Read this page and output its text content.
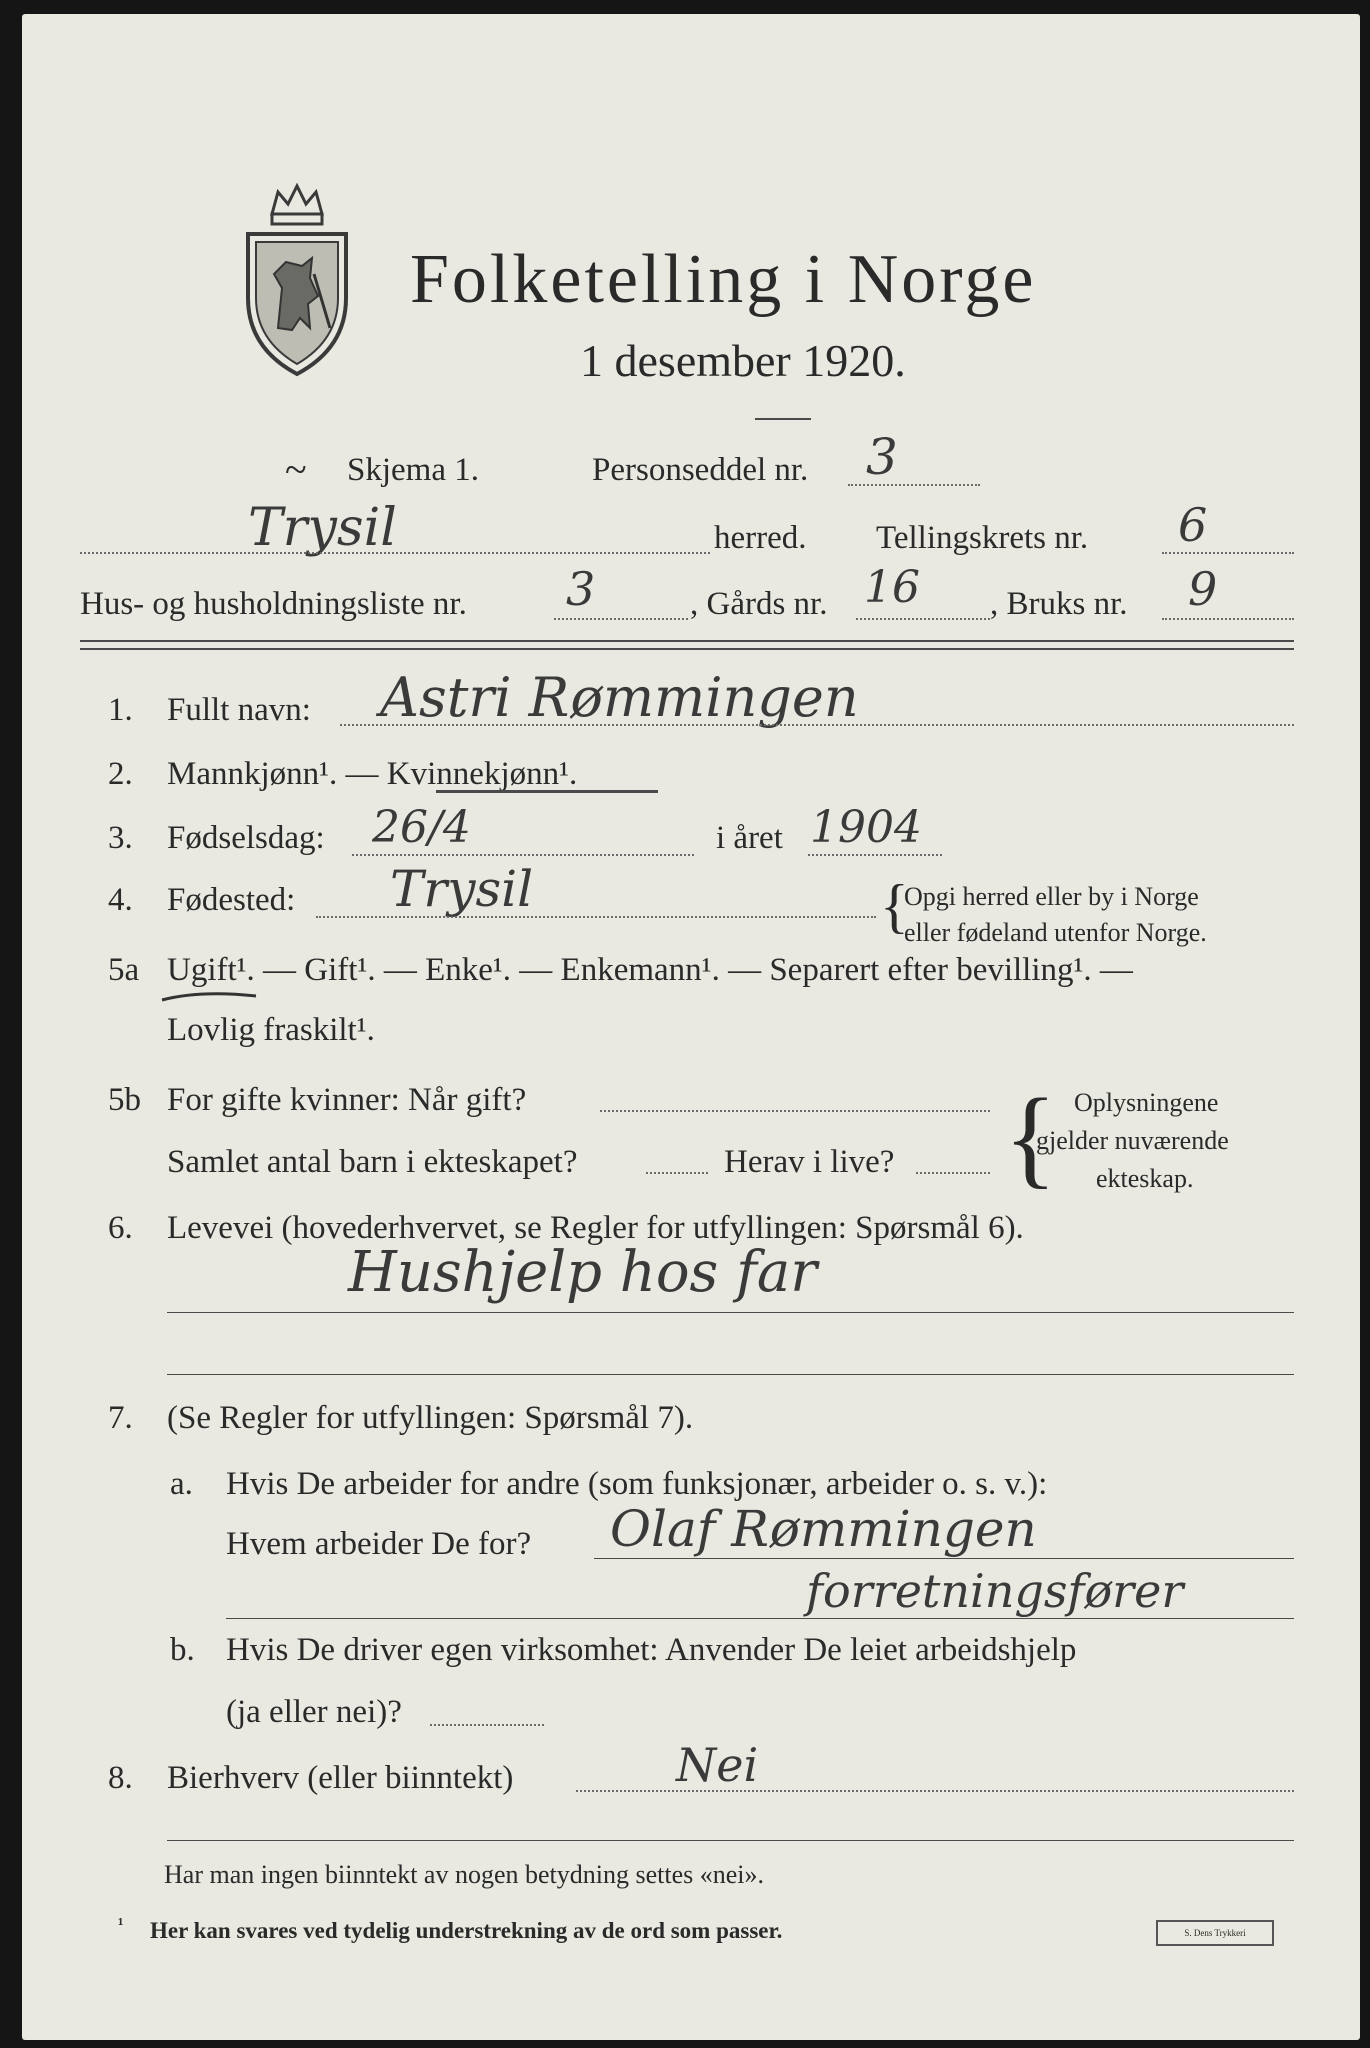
Folketelling i Norge
1 desember 1920.
~ Skjema 1.	Personseddel nr. 3
Trysil	herred. Tellingskrets nr. 6
Hus- og husholdningsliste nr. 3	, Gårds nr. 16 , Bruks nr. 9
1. Fullt navn: Astri Rømmingen
2. Mannkjønn¹. — Kvinnekjønn¹.
3. Fødselsdag: 26/4	i året 1904
4. Fødested: Trysil	{
Opgi herred eller by i Norge
eller fødeland utenfor Norge.
5a Ugift¹. — Gift¹. — Enke¹. — Enkemann¹. — Separert efter bevilling¹. —
Lovlig fraskilt¹.
5b For gifte kvinner: Når gift?
Samlet antal barn i ekteskapet?	Herav i live? { Oplysningene
gjelder nuværende
ekteskap.
6. Levevei (hovederhvervet, se Regler for utfyllingen: Spørsmål 6).
Hushjelp hos far
7. (Se Regler for utfyllingen: Spørsmål 7).
a. Hvis De arbeider for andre (som funksjonær, arbeider o. s. v.):
Hvem arbeider De for? Olaf Rømmingen
forretningsfører
b. Hvis De driver egen virksomhet: Anvender De leiet arbeidshjelp
(ja eller nei)?
8. Bierhverv (eller biinntekt)	Nei
Har man ingen biinntekt av nogen betydning settes «nei».
¹ Her kan svares ved tydelig understrekning av de ord som passer.	S. Dens Trykkeri
